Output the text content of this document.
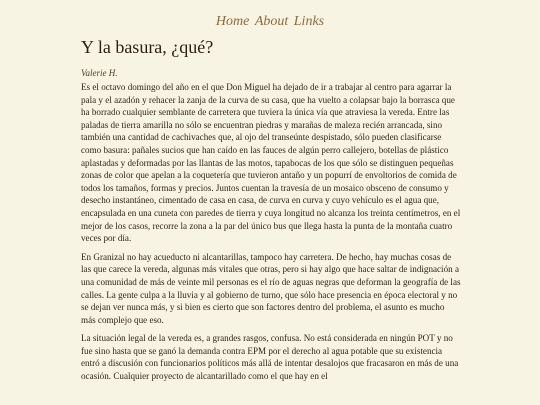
Home About Links
Y la basura, ¿qué?
Valerie H.

Es el octavo domingo del año en el que Don Miguel ha dejado de ir a trabajar al centro para agarrar la pala y el azadón y rehacer la zanja de la curva de su casa, que ha vuelto a colapsar bajo la borrasca que ha borrado cualquier semblante de carretera que tuviera la única vía que atraviesa la vereda. Entre las paladas de tierra amarilla no sólo se encuentran piedras y marañas de maleza recién arrancada, sino también una cantidad de cachivaches que, al ojo del transeúnte despistado, sólo pueden clasificarse como basura: pañales sucios que han caído en las fauces de algún perro callejero, botellas de plástico aplastadas y deformadas por las llantas de las motos, tapabocas de los que sólo se distinguen pequeñas zonas de color que apelan a la coquetería que tuvieron antaño y un popurrí de envoltorios de comida de todos los tamaños, formas y precios. Juntos cuentan la travesía de un mosaico obsceno de consumo y desecho instantáneo, cimentado de casa en casa, de curva en curva y cuyo vehículo es el agua que, encapsulada en una cuneta con paredes de tierra y cuya longitud no alcanza los treinta centímetros, en el mejor de los casos, recorre la zona a la par del único bus que llega hasta la punta de la montaña cuatro veces por día.

En Granizal no hay acueducto ni alcantarillas, tampoco hay carretera. De hecho, hay muchas cosas de las que carece la vereda, algunas más vitales que otras, pero si hay algo que hace saltar de indignación a una comunidad de más de veinte mil personas es el río de aguas negras que deforman la geografía de las calles. La gente culpa a la lluvia y al gobierno de turno, que sólo hace presencia en época electoral y no se dejan ver nunca más, y si bien es cierto que son factores dentro del problema, el asunto es mucho más complejo que eso.

La situación legal de la vereda es, a grandes rasgos, confusa. No está considerada en ningún POT y no fue sino hasta que se ganó la demanda contra EPM por el derecho al agua potable que su existencia entró a discusión con funcionarios políticos más allá de intentar desalojos que fracasaron en más de una ocasión. Cualquier proyecto de alcantarillado como el que hay en el
